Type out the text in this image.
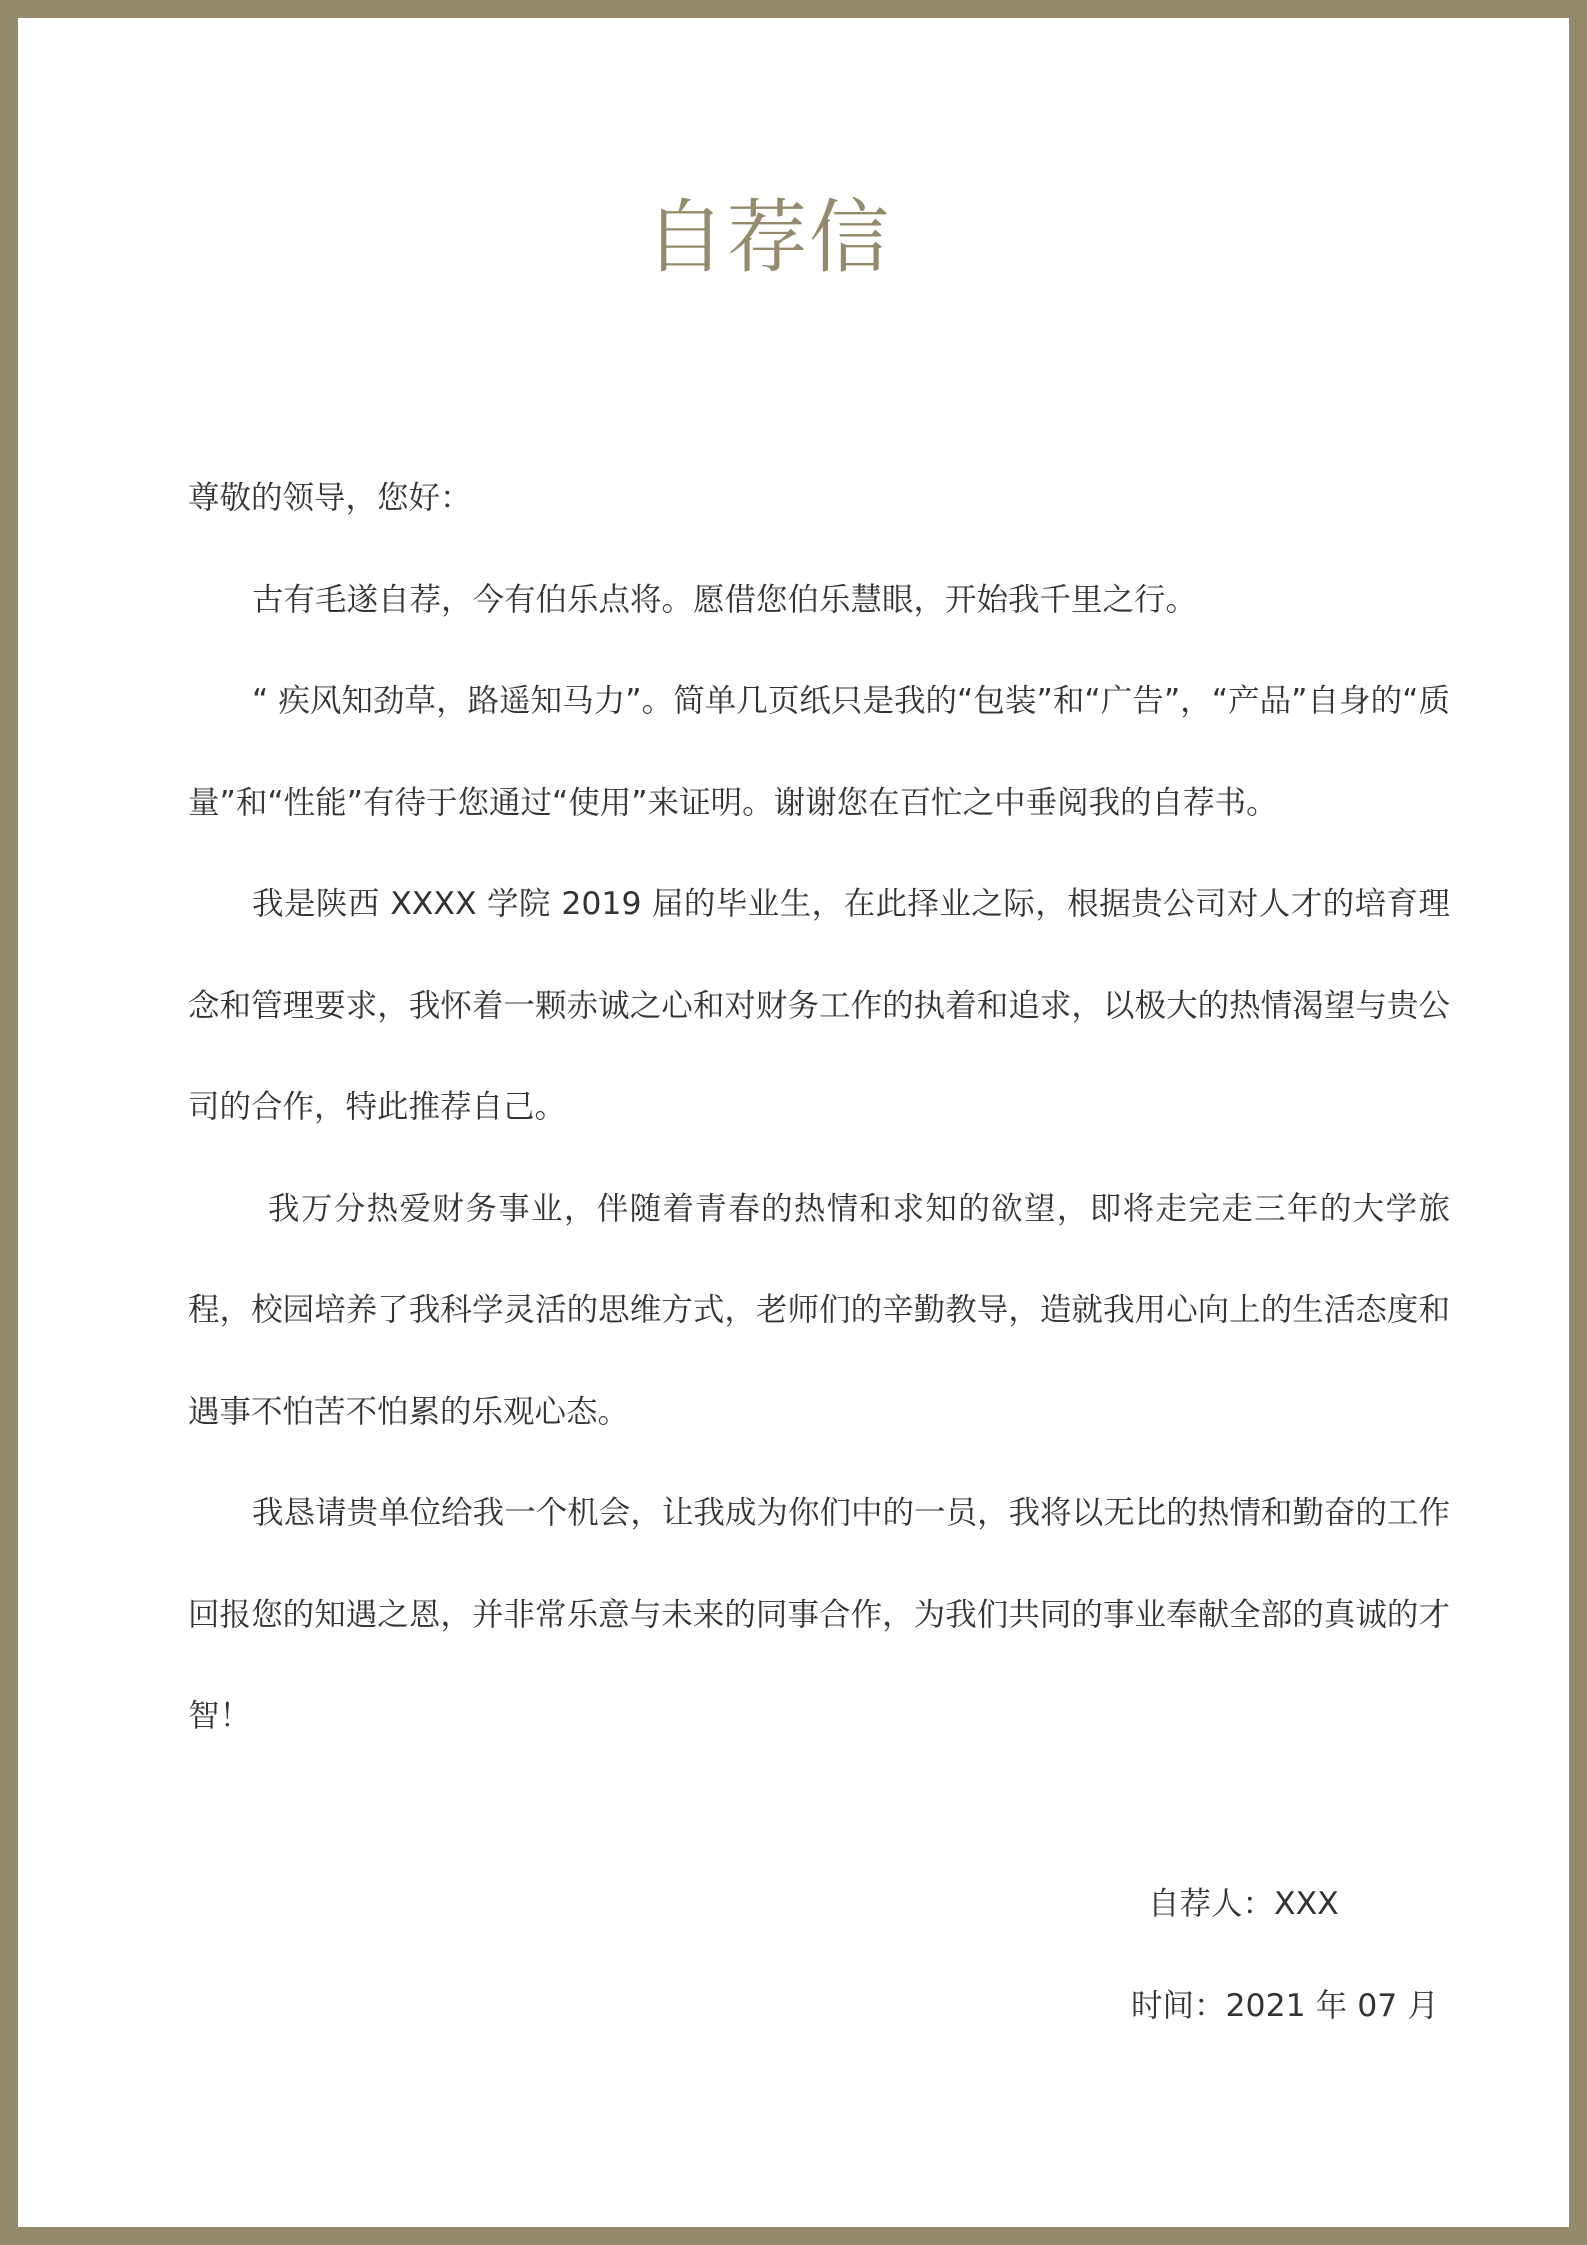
自荐信

尊敬的领导，您好：

古有毛遂自荐，今有伯乐点将。愿借您伯乐慧眼，开始我千里之行。

“ 疾风知劲草，路遥知马力”。简单几页纸只是我的“包装”和“广告”，“产品”自身的“质量”和“性能”有待于您通过“使用”来证明。谢谢您在百忙之中垂阅我的自荐书。

我是陕西 XXXX 学院 2019 届的毕业生，在此择业之际，根据贵公司对人才的培育理念和管理要求，我怀着一颗赤诚之心和对财务工作的执着和追求，以极大的热情渴望与贵公司的合作，特此推荐自己。

我万分热爱财务事业，伴随着青春的热情和求知的欲望，即将走完走三年的大学旅程，校园培养了我科学灵活的思维方式，老师们的辛勤教导，造就我用心向上的生活态度和遇事不怕苦不怕累的乐观心态。

我恳请贵单位给我一个机会，让我成为你们中的一员，我将以无比的热情和勤奋的工作回报您的知遇之恩，并非常乐意与未来的同事合作，为我们共同的事业奉献全部的真诚的才智！

自荐人：XXX
时间：2021 年 07 月
